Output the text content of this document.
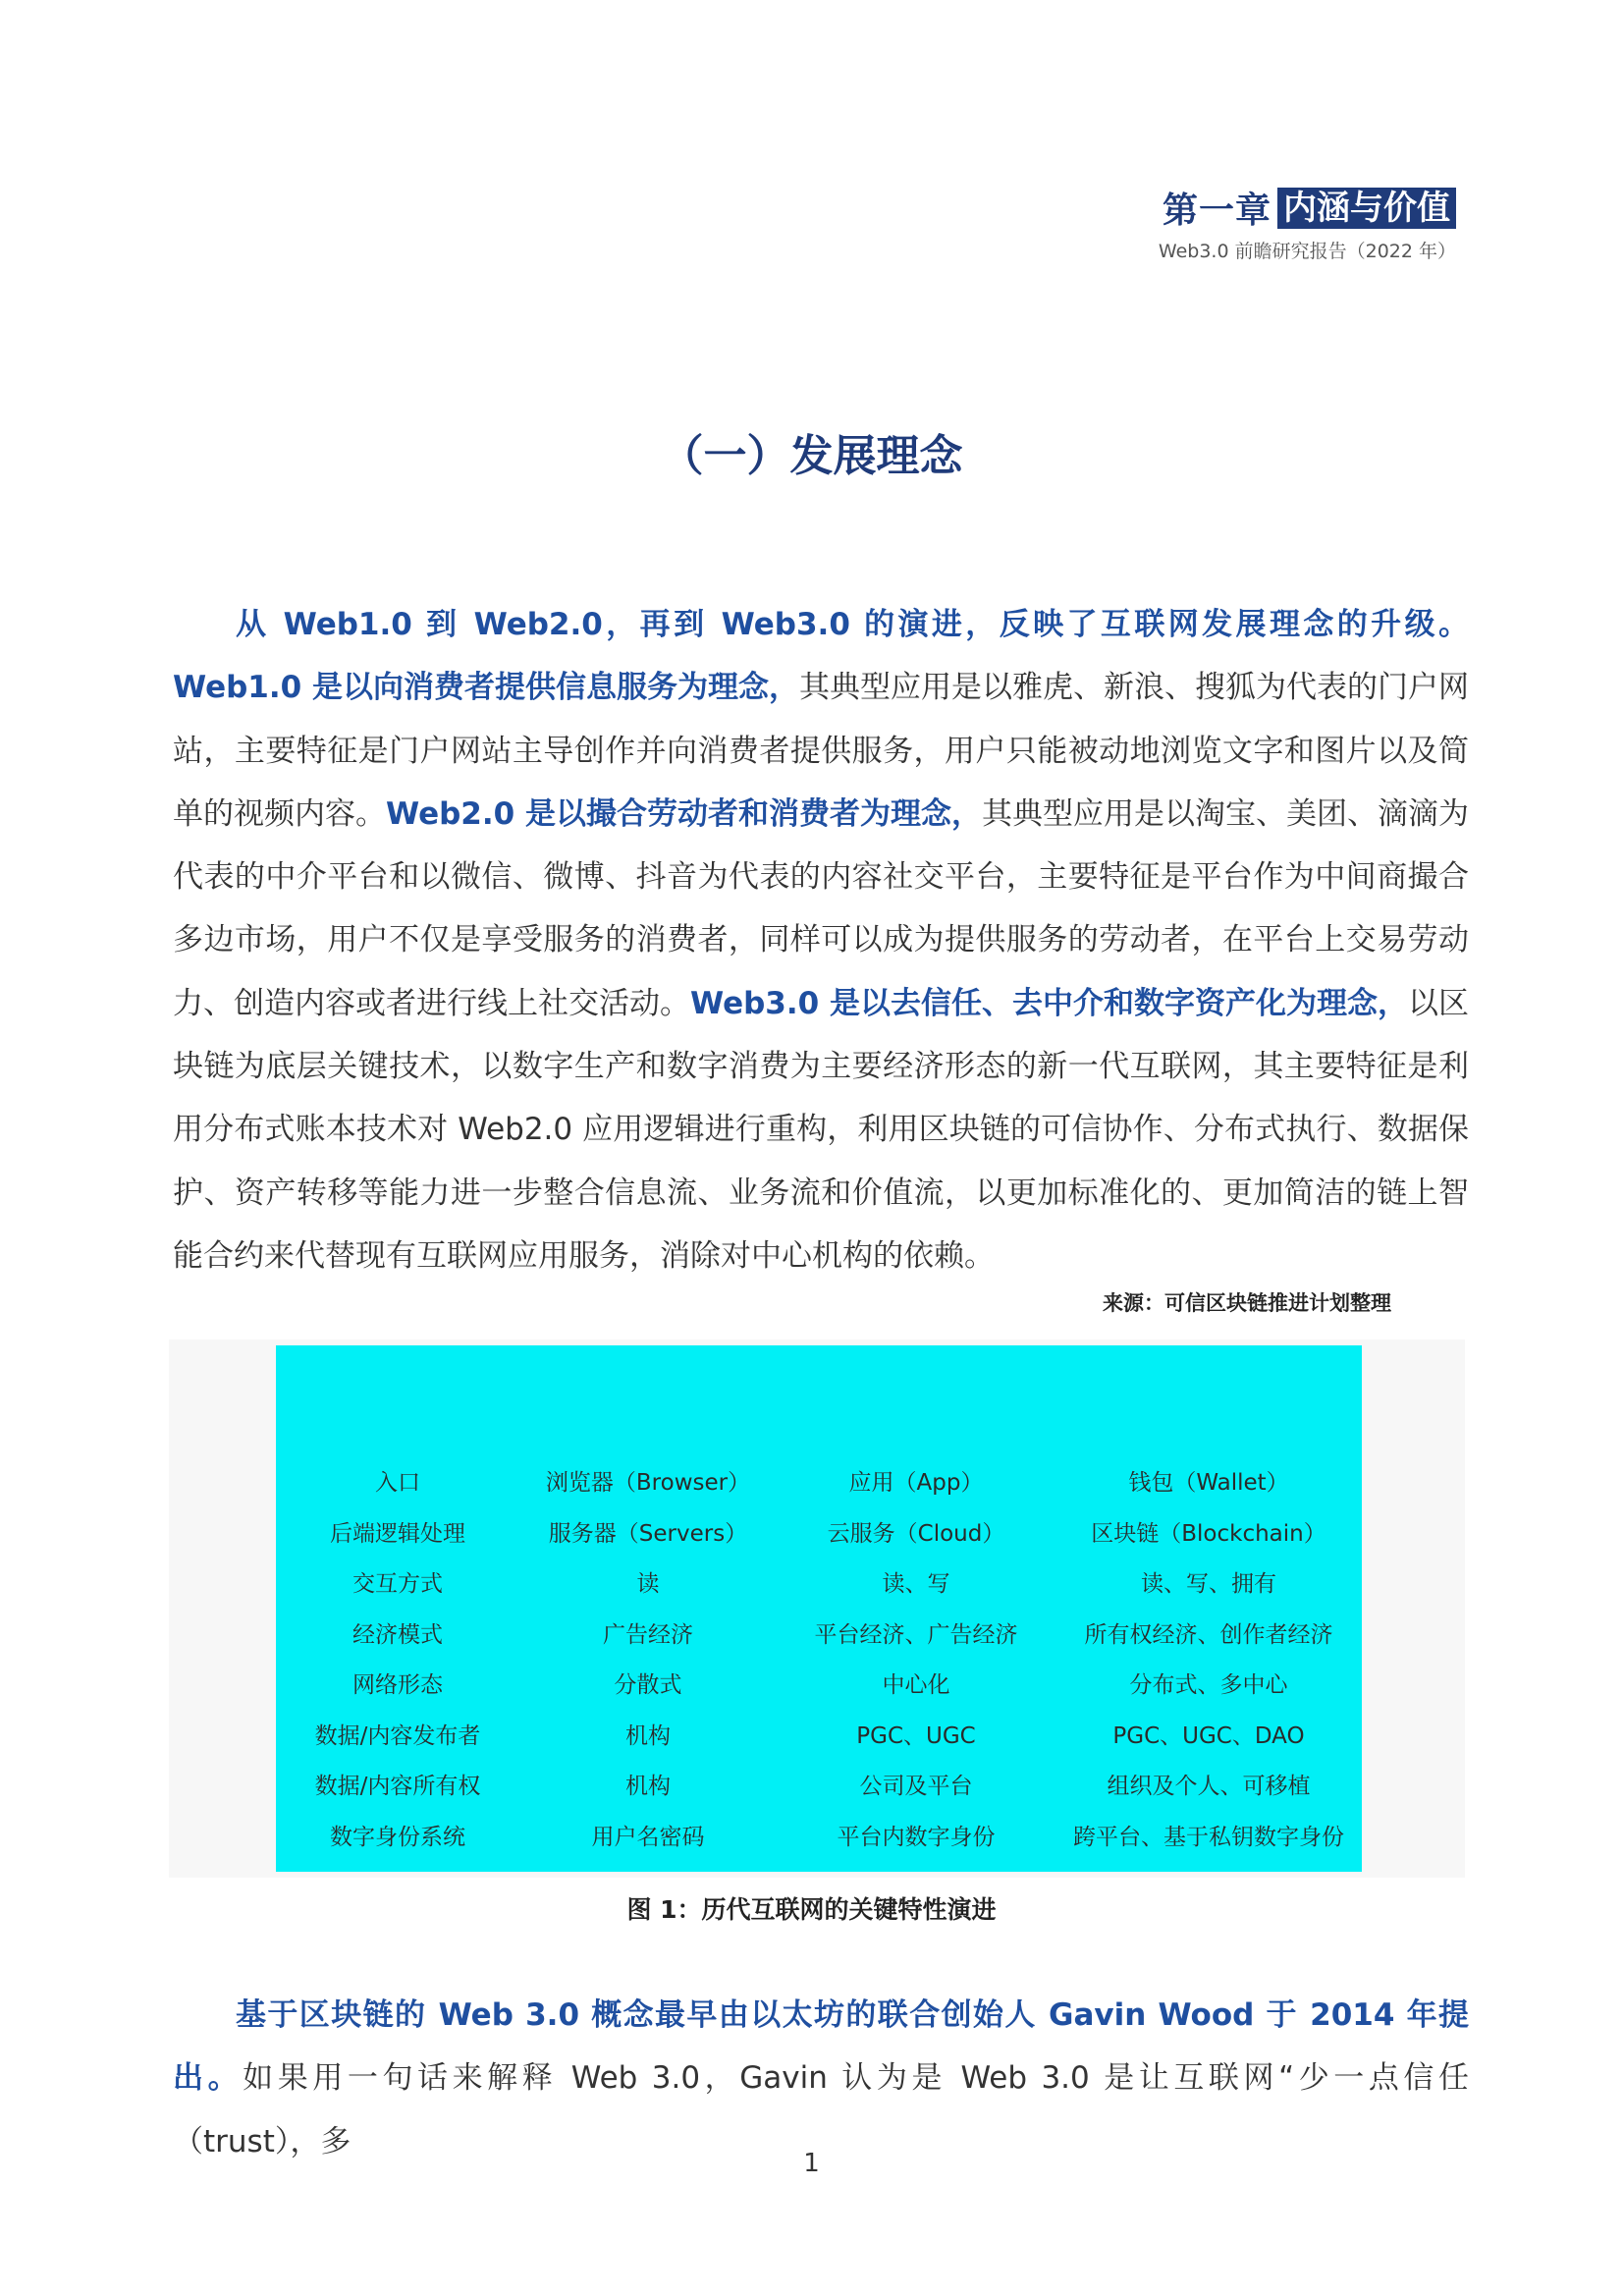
第一章 内涵与价值
Web3.0 前瞻研究报告（2022 年）
（一）发展理念
从 Web1.0 到 Web2.0，再到 Web3.0 的演进，反映了互联网发展理念的升级。Web1.0 是以向消费者提供信息服务为理念，其典型应用是以雅虎、新浪、搜狐为代表的门户网站，主要特征是门户网站主导创作并向消费者提供服务，用户只能被动地浏览文字和图片以及简单的视频内容。Web2.0 是以撮合劳动者和消费者为理念，其典型应用是以淘宝、美团、滴滴为代表的中介平台和以微信、微博、抖音为代表的内容社交平台，主要特征是平台作为中间商撮合多边市场，用户不仅是享受服务的消费者，同样可以成为提供服务的劳动者，在平台上交易劳动力、创造内容或者进行线上社交活动。Web3.0 是以去信任、去中介和数字资产化为理念，以区块链为底层关键技术，以数字生产和数字消费为主要经济形态的新一代互联网，其主要特征是利用分布式账本技术对 Web2.0 应用逻辑进行重构，利用区块链的可信协作、分布式执行、数据保护、资产转移等能力进一步整合信息流、业务流和价值流，以更加标准化的、更加简洁的链上智能合约来代替现有互联网应用服务，消除对中心机构的依赖。
来源：可信区块链推进计划整理
入口	浏览器（Browser）	应用（App）	钱包（Wallet）
后端逻辑处理	服务器（Servers）	云服务（Cloud）	区块链（Blockchain）
交互方式	读	读、写	读、写、拥有
经济模式	广告经济	平台经济、广告经济	所有权经济、创作者经济
网络形态	分散式	中心化	分布式、多中心
数据/内容发布者	机构	PGC、UGC	PGC、UGC、DAO
数据/内容所有权	机构	公司及平台	组织及个人、可移植
数字身份系统	用户名密码	平台内数字身份	跨平台、基于私钥数字身份
图 1：历代互联网的关键特性演进
基于区块链的 Web 3.0 概念最早由以太坊的联合创始人 Gavin Wood 于 2014 年提出。如果用一句话来解释 Web 3.0，Gavin 认为是 Web 3.0 是让互联网“少一点信任（trust），多
1
